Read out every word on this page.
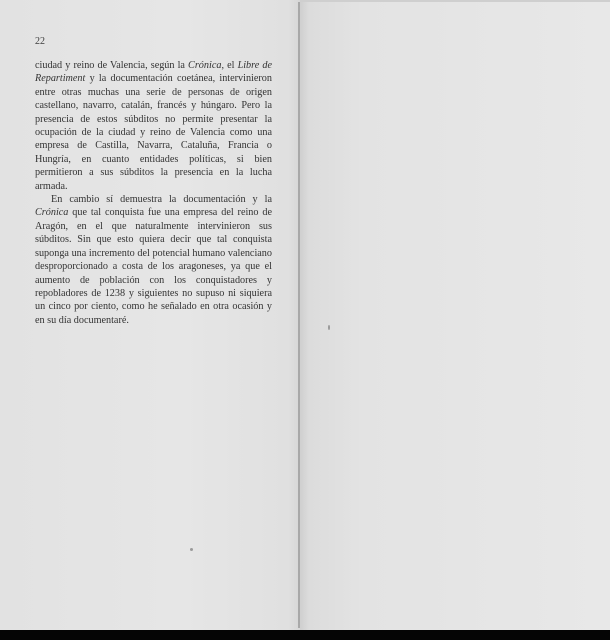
22

ciudad y reino de Valencia, según la Crónica, el Libre de Repartiment y la documentación coetánea, intervinieron entre otras muchas una serie de personas de origen castellano, navarro, catalán, francés y húngaro. Pero la presencia de estos súbditos no permite presentar la ocupación de la ciudad y reino de Valencia como una empresa de Castilla, Navarra, Cataluña, Francia o Hungría, en cuanto entidades políticas, si bien permitieron a sus súbditos la presencia en la lucha armada.

En cambio sí demuestra la documentación y la Crónica que tal conquista fue una empresa del reino de Aragón, en el que naturalmente intervinieron sus súbditos. Sin que esto quiera decir que tal conquista suponga una incremento del potencial humano valenciano desproporcionado a costa de los aragoneses, ya que el aumento de población con los conquistadores y repobladores de 1238 y siguientes no supuso ni siquiera un cinco por ciento, como he señalado en otra ocasión y en su día documentaré.
